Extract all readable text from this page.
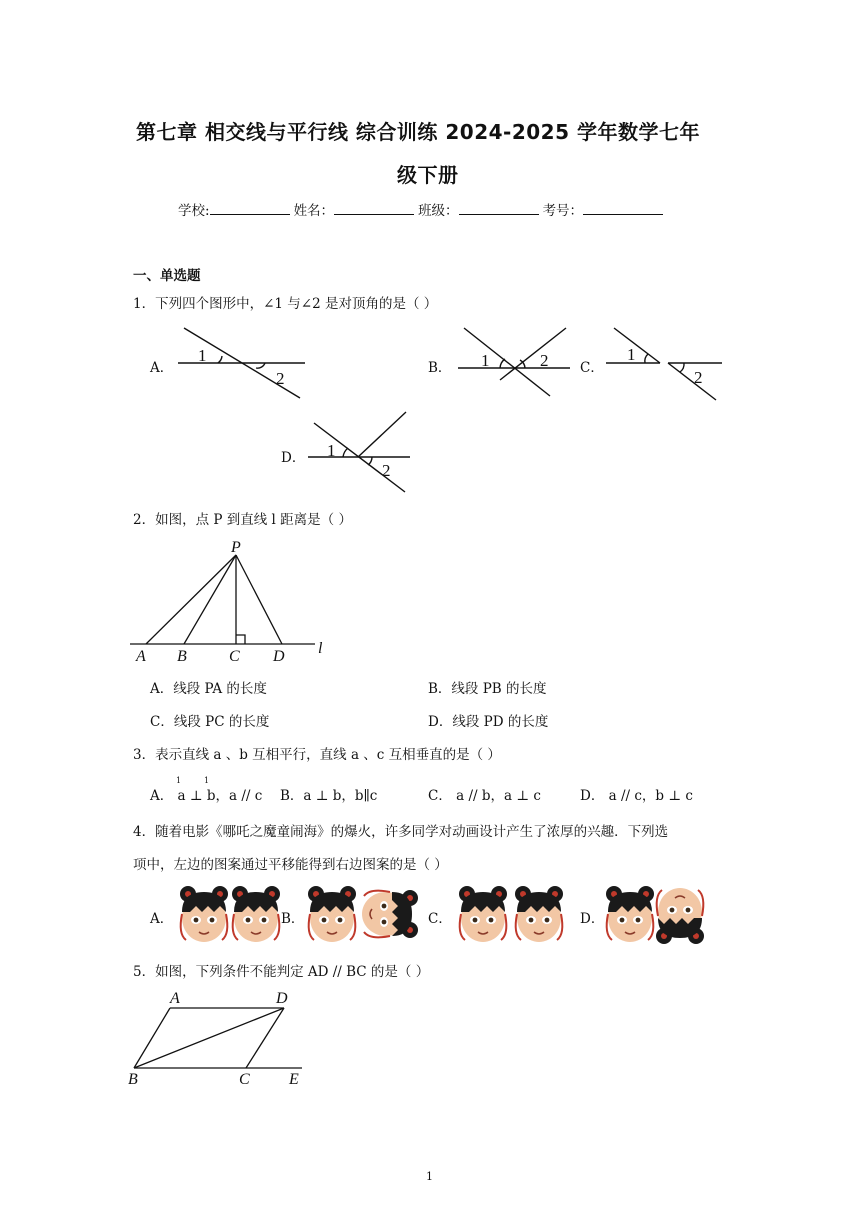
第七章 相交线与平行线 综合训练 2024-2025 学年数学七年
级下册
学校:	姓名：	班级：	考号：
一、单选题
1．下列四个图形中，∠1 与∠2 是对顶角的是（ ）
A．	B．	C．
D．
1
2
1	2	1
2
1
2
2．如图，点 P 到直线 l 距离是（ ）
P
A B	C D l
A．线段 PA 的长度	B．线段 PB 的长度
C．线段 PC 的长度	D．线段 PD 的长度
3．表示直线 a 、b 互相平行，直线 a 、c 互相垂直的是（ ）
1	1
A． a ⊥ b，a // c B．a ⊥ b，b∥c	C． a // b，a ⊥ c	D． a // c，b ⊥ c
4．随着电影《哪吒之魔童闹海》的爆火，许多同学对动画设计产生了浓厚的兴趣．下列选
项中，左边的图案通过平移能得到右边图案的是（ ）
A．	B．	C．	D．
5．如图，下列条件不能判定 AD // BC 的是（ ）
A	D
B	C E
1
